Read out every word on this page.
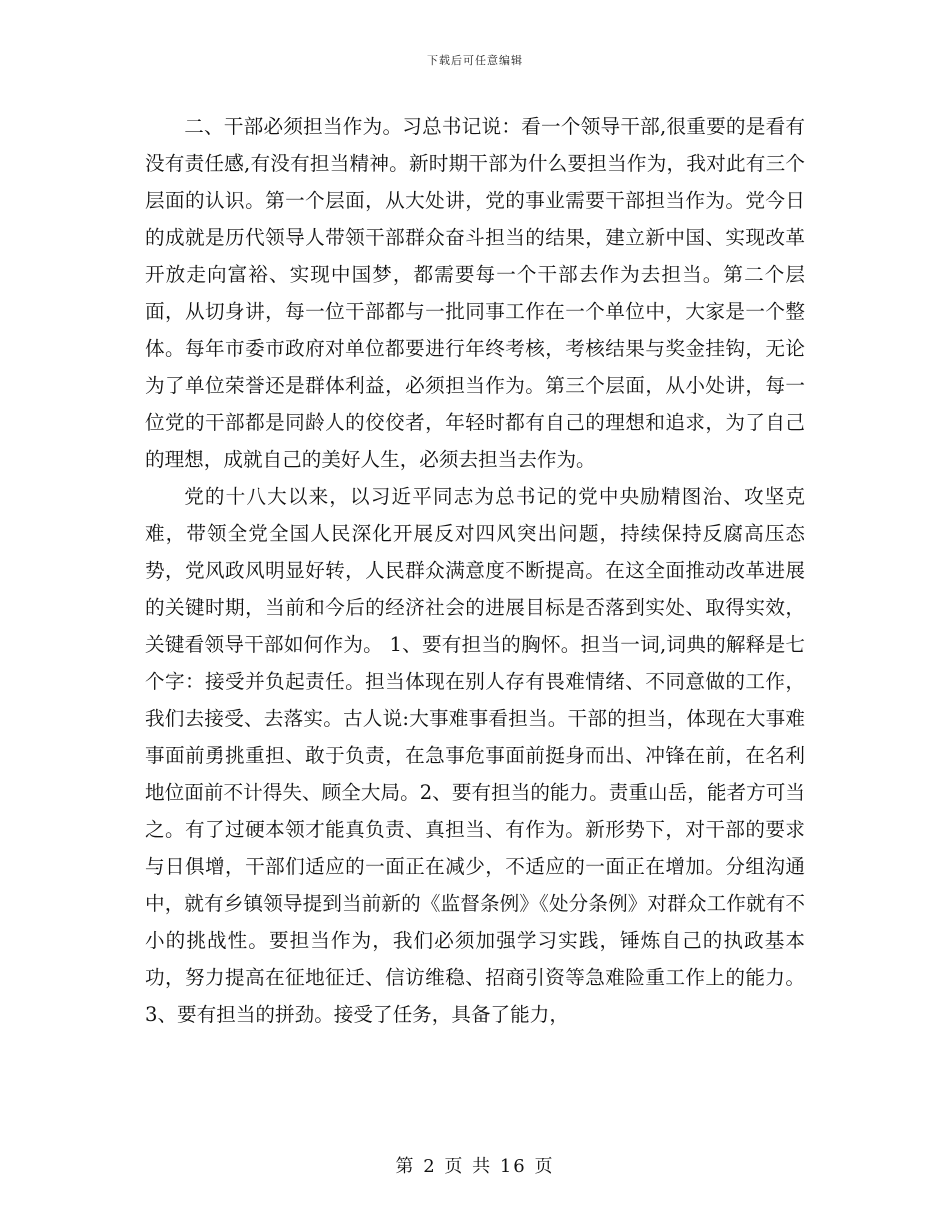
下载后可任意编辑

二、干部必须担当作为。习总书记说：看一个领导干部,很重要的是看有没有责任感,有没有担当精神。新时期干部为什么要担当作为，我对此有三个层面的认识。第一个层面，从大处讲，党的事业需要干部担当作为。党今日的成就是历代领导人带领干部群众奋斗担当的结果，建立新中国、实现改革开放走向富裕、实现中国梦，都需要每一个干部去作为去担当。第二个层面，从切身讲，每一位干部都与一批同事工作在一个单位中，大家是一个整体。每年市委市政府对单位都要进行年终考核，考核结果与奖金挂钩，无论为了单位荣誉还是群体利益，必须担当作为。第三个层面，从小处讲，每一位党的干部都是同龄人的佼佼者，年轻时都有自己的理想和追求，为了自己的理想，成就自己的美好人生，必须去担当去作为。

党的十八大以来，以习近平同志为总书记的党中央励精图治、攻坚克难，带领全党全国人民深化开展反对四风突出问题，持续保持反腐高压态势，党风政风明显好转，人民群众满意度不断提高。在这全面推动改革进展的关键时期，当前和今后的经济社会的进展目标是否落到实处、取得实效，关键看领导干部如何作为。 1、要有担当的胸怀。担当一词,词典的解释是七个字：接受并负起责任。担当体现在别人存有畏难情绪、不同意做的工作，我们去接受、去落实。古人说:大事难事看担当。干部的担当，体现在大事难事面前勇挑重担、敢于负责，在急事危事面前挺身而出、冲锋在前，在名利地位面前不计得失、顾全大局。2、要有担当的能力。责重山岳，能者方可当之。有了过硬本领才能真负责、真担当、有作为。新形势下，对干部的要求与日俱增，干部们适应的一面正在减少，不适应的一面正在增加。分组沟通中，就有乡镇领导提到当前新的《监督条例》《处分条例》对群众工作就有不小的挑战性。要担当作为，我们必须加强学习实践，锤炼自己的执政基本功，努力提高在征地征迁、信访维稳、招商引资等急难险重工作上的能力。3、要有担当的拼劲。接受了任务，具备了能力，

第 2 页 共 16 页
